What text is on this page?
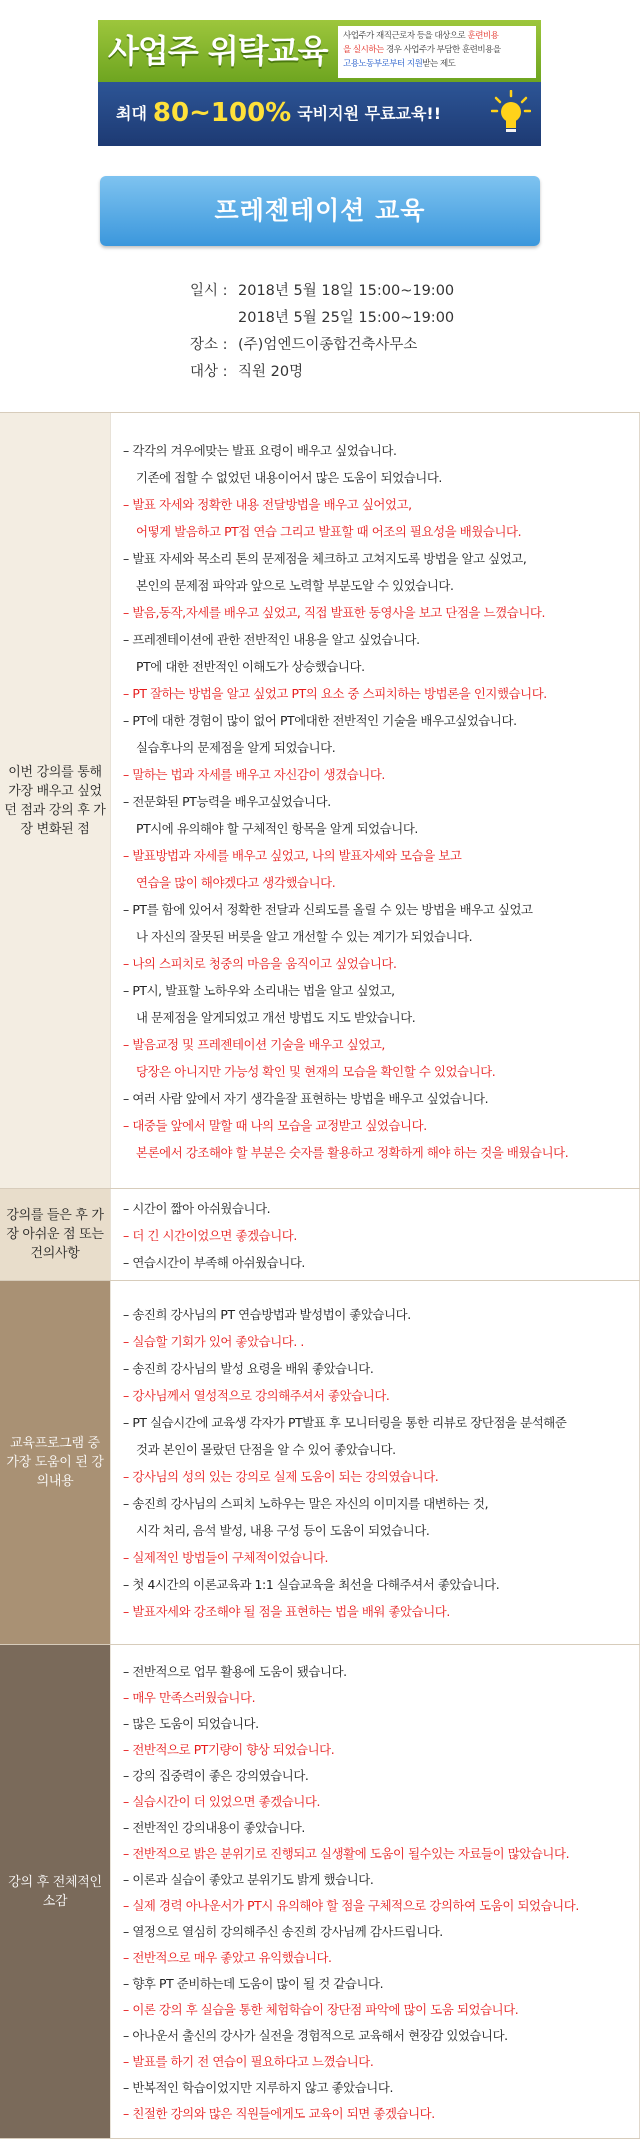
사업주 위탁교육 사업주가 재직근로자 등을 대상으로 훈련비용
을 실시하는 경우 사업주가 부담한 훈련비용을
고용노동부로부터 지원받는 제도
최대 80~100% 국비지원 무료교육!!
프레젠테이션 교육
일시 : 2018년 5월 18일 15:00~19:00
2018년 5월 25일 15:00~19:00
장소 : (주)엄엔드이종합건축사무소
대상 : 직원 20명
이번 강의를 통해 가장 배우고 싶었던 점과 강의 후 가장 변화된 점
– 각각의 겨우에맞는 발표 요령이 배우고 싶었습니다.
기존에 접할 수 없었던 내용이어서 많은 도움이 되었습니다.
– 발표 자세와 정확한 내용 전달방법을 배우고 싶어었고,
어떻게 발음하고 PT접 연습 그리고 발표할 때 어조의 필요성을 배웠습니다.
– 발표 자세와 목소리 톤의 문제점을 체크하고 고쳐지도록 방법을 알고 싶었고,
본인의 문제점 파악과 앞으로 노력할 부분도알 수 있었습니다.
– 발음,동작,자세를 배우고 싶었고, 직접 발표한 동영사을 보고 단점을 느꼈습니다.
– 프레젠테이션에 관한 전반적인 내용을 알고 싶었습니다.
PT에 대한 전반적인 이해도가 상승했습니다.
– PT 잘하는 방법을 알고 싶었고 PT의 요소 중 스피치하는 방법론을 인지했습니다.
– PT에 대한 경험이 많이 없어 PT에대한 전반적인 기술을 배우고싶었습니다.
실습후나의 문제점을 알게 되었습니다.
– 말하는 법과 자세를 배우고 자신감이 생겼습니다.
– 전문화된 PT능력을 배우고싶었습니다.
PT시에 유의해야 할 구체적인 항목을 알게 되었습니다.
– 발표방법과 자세를 배우고 싶었고, 나의 발표자세와 모습을 보고
연습을 많이 해야겠다고 생각했습니다.
– PT를 함에 있어서 정확한 전달과 신뢰도를 올릴 수 있는 방법을 배우고 싶었고
나 자신의 잘못된 버릇을 알고 개선할 수 있는 계기가 되었습니다.
– 나의 스피치로 청중의 마음을 움직이고 싶었습니다.
– PT시, 발표할 노하우와 소리내는 법을 알고 싶었고,
내 문제점을 알게되었고 개선 방법도 지도 받았습니다.
– 발음교정 및 프레젠테이션 기술을 배우고 싶었고,
당장은 아니지만 가능성 확인 및 현재의 모습을 확인할 수 있었습니다.
– 여러 사람 앞에서 자기 생각을잘 표현하는 방법을 배우고 싶었습니다.
– 대중들 앞에서 말할 때 나의 모습을 교정받고 싶었습니다.
본론에서 강조해야 할 부분은 숫자를 활용하고 정확하게 해야 하는 것을 배웠습니다.
강의를 들은 후 가장 아쉬운 점 또는 건의사항
– 시간이 짧아 아쉬웠습니다.
– 더 긴 시간이었으면 좋겠습니다.
– 연습시간이 부족해 아쉬웠습니다.
교육프로그램 중 가장 도움이 된 강의내용
– 송진희 강사님의 PT 연습방법과 발성법이 좋았습니다.
– 실습할 기회가 있어 좋았습니다. .
– 송진희 강사님의 발성 요령을 배워 좋았습니다.
– 강사님께서 열성적으로 강의해주셔서 좋았습니다.
– PT 실습시간에 교육생 각자가 PT발표 후 모니터링을 통한 리뷰로 장단점을 분석해준
것과 본인이 몰랐던 단점을 알 수 있어 좋았습니다.
– 강사님의 성의 있는 강의로 실제 도움이 되는 강의였습니다.
– 송진희 강사님의 스피치 노하우는 말은 자신의 이미지를 대변하는 것,
시각 처리, 음석 발성, 내용 구성 등이 도움이 되었습니다.
– 실제적인 방법들이 구체적이었습니다.
– 첫 4시간의 이론교육과 1:1 실습교육을 최선을 다해주셔서 좋았습니다.
– 발표자세와 강조해야 될 점을 표현하는 법을 배워 좋았습니다.
강의 후 전체적인 소감
– 전반적으로 업무 활용에 도움이 됐습니다.
– 매우 만족스러웠습니다.
– 많은 도움이 되었습니다.
– 전반적으로 PT기량이 향상 되었습니다.
– 강의 집중력이 좋은 강의였습니다.
– 실습시간이 더 있었으면 좋겠습니다.
– 전반적인 강의내용이 좋았습니다.
– 전반적으로 밝은 분위기로 진행되고 실생활에 도움이 될수있는 자료들이 많았습니다.
– 이론과 실습이 좋았고 분위기도 밝게 했습니다.
– 실제 경력 아나운서가 PT시 유의해야 할 점을 구체적으로 강의하여 도움이 되었습니다.
– 열정으로 열심히 강의해주신 송진희 강사님께 감사드립니다.
– 전반적으로 매우 좋았고 유익했습니다.
– 향후 PT 준비하는데 도움이 많이 될 것 같습니다.
– 이론 강의 후 실습을 통한 체험학습이 장단점 파악에 많이 도움 되었습니다.
– 아나운서 출신의 강사가 실전을 경험적으로 교육해서 현장감 있었습니다.
– 발표를 하기 전 연습이 필요하다고 느꼈습니다.
– 반복적인 학습이었지만 지루하지 않고 좋았습니다.
– 친절한 강의와 많은 직원들에게도 교육이 되면 좋겠습니다.
